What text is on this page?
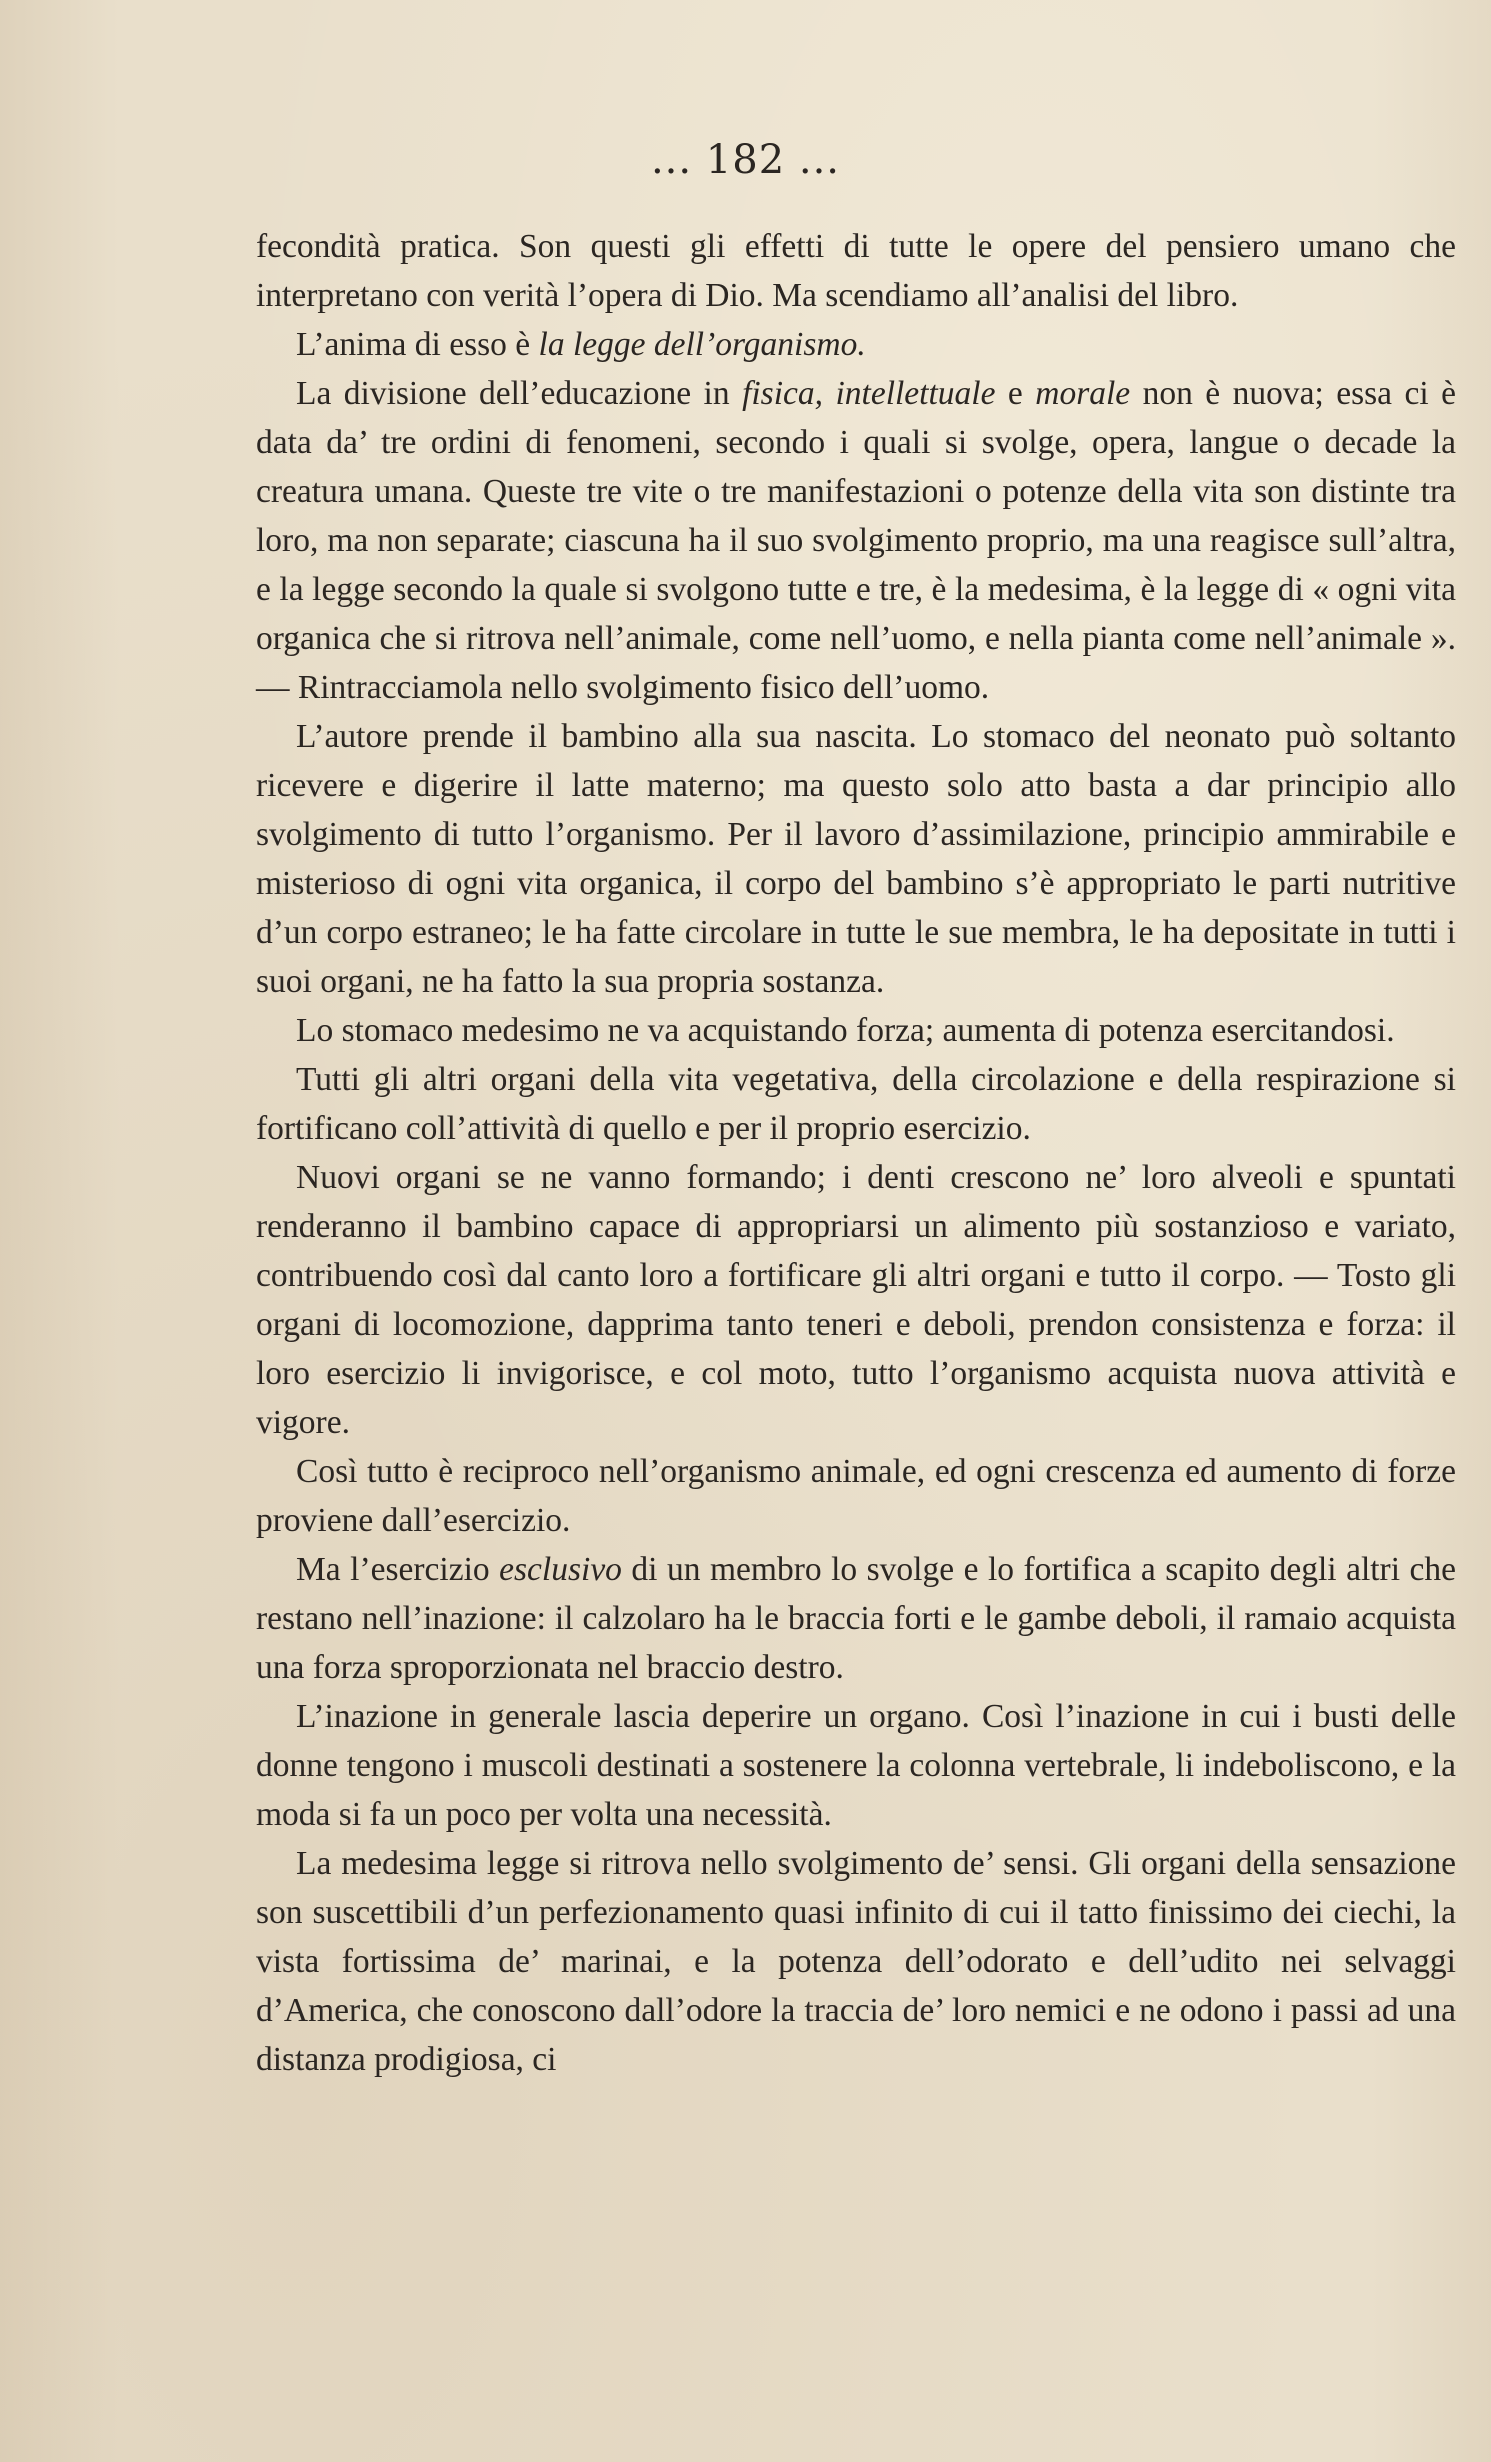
... 182 ...

fecondità pratica. Son questi gli effetti di tutte le opere del pensiero umano che interpretano con verità l’opera di Dio. Ma scendiamo all’analisi del libro.

L’anima di esso è la legge dell’organismo.

La divisione dell’educazione in fisica, intellettuale e morale non è nuova; essa ci è data da’ tre ordini di fenomeni, secondo i quali si svolge, opera, langue o decade la creatura umana. Queste tre vite o tre manifestazioni o potenze della vita son distinte tra loro, ma non separate; ciascuna ha il suo svolgimento proprio, ma una reagisce sull’altra, e la legge secondo la quale si svolgono tutte e tre, è la medesima, è la legge di « ogni vita organica che si ritrova nell’animale, come nell’uomo, e nella pianta come nell’animale ». — Rintracciamola nello svolgimento fisico dell’uomo.

L’autore prende il bambino alla sua nascita. Lo stomaco del neonato può soltanto ricevere e digerire il latte materno; ma questo solo atto basta a dar principio allo svolgimento di tutto l’organismo. Per il lavoro d’assimilazione, principio ammirabile e misterioso di ogni vita organica, il corpo del bambino s’è appropriato le parti nutritive d’un corpo estraneo; le ha fatte circolare in tutte le sue membra, le ha depositate in tutti i suoi organi, ne ha fatto la sua propria sostanza.

Lo stomaco medesimo ne va acquistando forza; aumenta di potenza esercitandosi.

Tutti gli altri organi della vita vegetativa, della circolazione e della respirazione si fortificano coll’attività di quello e per il proprio esercizio.

Nuovi organi se ne vanno formando; i denti crescono ne’ loro alveoli e spuntati renderanno il bambino capace di appropriarsi un alimento più sostanzioso e variato, contribuendo così dal canto loro a fortificare gli altri organi e tutto il corpo. — Tosto gli organi di locomozione, dapprima tanto teneri e deboli, prendon consistenza e forza: il loro esercizio li invigorisce, e col moto, tutto l’organismo acquista nuova attività e vigore.

Così tutto è reciproco nell’organismo animale, ed ogni crescenza ed aumento di forze proviene dall’esercizio.

Ma l’esercizio esclusivo di un membro lo svolge e lo fortifica a scapito degli altri che restano nell’inazione: il calzolaro ha le braccia forti e le gambe deboli, il ramaio acquista una forza sproporzionata nel braccio destro.

L’inazione in generale lascia deperire un organo. Così l’inazione in cui i busti delle donne tengono i muscoli destinati a sostenere la colonna vertebrale, li indeboliscono, e la moda si fa un poco per volta una necessità.

La medesima legge si ritrova nello svolgimento de’ sensi. Gli organi della sensazione son suscettibili d’un perfezionamento quasi infinito di cui il tatto finissimo dei ciechi, la vista fortissima de’ marinai, e la potenza dell’odorato e dell’udito nei selvaggi d’America, che conoscono dall’odore la traccia de’ loro nemici e ne odono i passi ad una distanza prodigiosa, ci
